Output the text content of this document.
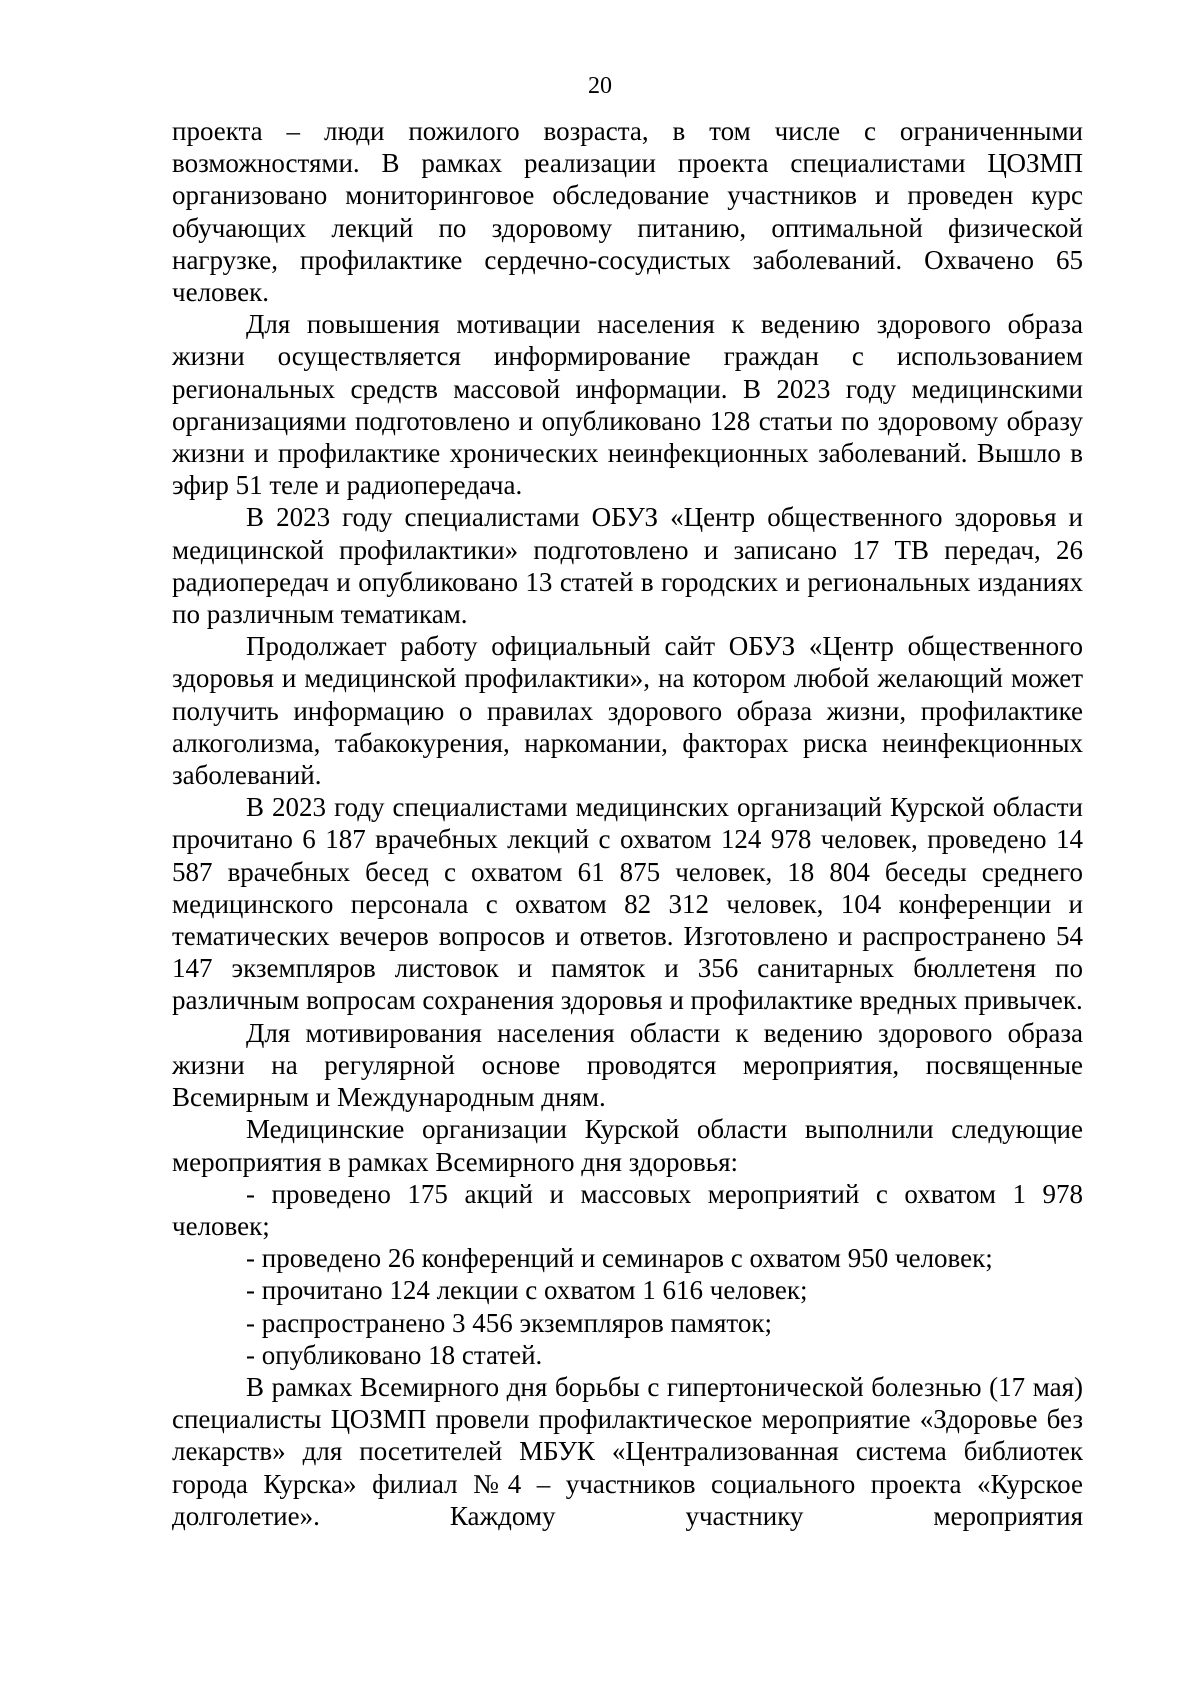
20

проекта – люди пожилого возраста, в том числе с ограниченными возможностями. В рамках реализации проекта специалистами ЦОЗМП организовано мониторинговое обследование участников и проведен курс обучающих лекций по здоровому питанию, оптимальной физической нагрузке, профилактике сердечно-сосудистых заболеваний. Охвачено 65 человек.

Для повышения мотивации населения к ведению здорового образа жизни осуществляется информирование граждан с использованием региональных средств массовой информации. В 2023 году медицинскими организациями подготовлено и опубликовано 128 статьи по здоровому образу жизни и профилактике хронических неинфекционных заболеваний. Вышло в эфир 51 теле и радиопередача.

В 2023 году специалистами ОБУЗ «Центр общественного здоровья и медицинской профилактики» подготовлено и записано 17 ТВ передач, 26 радиопередач и опубликовано 13 статей в городских и региональных изданиях по различным тематикам.

Продолжает работу официальный сайт ОБУЗ «Центр общественного здоровья и медицинской профилактики», на котором любой желающий может получить информацию о правилах здорового образа жизни, профилактике алкоголизма, табакокурения, наркомании, факторах риска неинфекционных заболеваний.

В 2023 году специалистами медицинских организаций Курской области прочитано 6 187 врачебных лекций с охватом 124 978 человек, проведено 14 587 врачебных бесед с охватом 61 875 человек, 18 804 беседы среднего медицинского персонала с охватом 82 312 человек, 104 конференции и тематических вечеров вопросов и ответов. Изготовлено и распространено 54 147 экземпляров листовок и памяток и 356 санитарных бюллетеня по различным вопросам сохранения здоровья и профилактике вредных привычек.

Для мотивирования населения области к ведению здорового образа жизни на регулярной основе проводятся мероприятия, посвященные Всемирным и Международным дням.

Медицинские организации Курской области выполнили следующие мероприятия в рамках Всемирного дня здоровья:

- проведено 175 акций и массовых мероприятий с охватом 1 978 человек;

- проведено 26 конференций и семинаров с охватом 950 человек;

- прочитано 124 лекции с охватом 1 616 человек;

- распространено 3 456 экземпляров памяток;

- опубликовано 18 статей.

В рамках Всемирного дня борьбы с гипертонической болезнью (17 мая) специалисты ЦОЗМП провели профилактическое мероприятие «Здоровье без лекарств» для посетителей МБУК «Централизованная система библиотек города Курска» филиал №4 – участников социального проекта «Курское долголетие». Каждому участнику мероприятия
